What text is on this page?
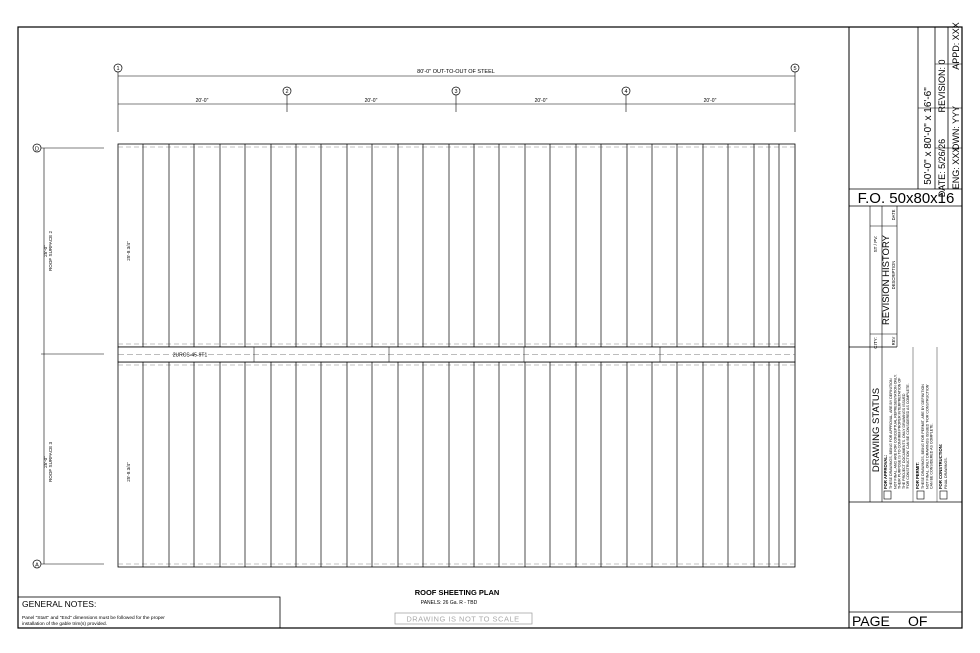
1
2	3	4
5
80'-0" OUT-TO-OUT OF STEEL
20'-0"	20'-0"	20'-0"	20'-0"
D
A
25'-0" ROOF SURFACE 2
25'-0" ROOF SURFACE 3
2URCS-45-9T1
25'-8 3/4"
25'-8 3/4"
ROOF SHEETING PLAN
PANELS: 26 Ga. R - TBD
DRAWING IS NOT TO SCALE
GENERAL NOTES:
Panel "Start" and "End" dimensions must be followed for the proper
installation of the gable trim(s) provided.
50'-0" x 80'-0" x 16'-6" DATE: 5/26/26 ENG: XXX
REVISION: 0
DWN: YYY
APPD: XXX
F.O. 50x80x16
ST / PV:
CITY:
REVISION HISTORY DESCRIPTION
DATE
REV
DRAWING STATUS FOR APPROVAL: THESE DRAWINGS, BEING FOR APPROVAL, ARE BY DEFINITION NOT FINAL, AND ARE FOR CONCEPTUAL REPRESENTATION ONLY. THEIR PURPOSE IS TO CONFIRM PROPER INTERPRETATION OF THE PROJECT DOCUMENTS. ONLY DRAWINGS ISSUED 'FOR CONSTRUCTION' CAN BE CONSIDERED AS COMPLETE. FOR PERMIT: THESE DRAWINGS, BEING FOR PERMIT, ARE BY DEFINITION NOT FINAL. ONLY DRAWINGS ISSUED 'FOR CONSTRUCTION' CAN BE CONSIDERED AS COMPLETE. FOR CONSTRUCTION: FINAL DRAWINGS.
PAGE OF
